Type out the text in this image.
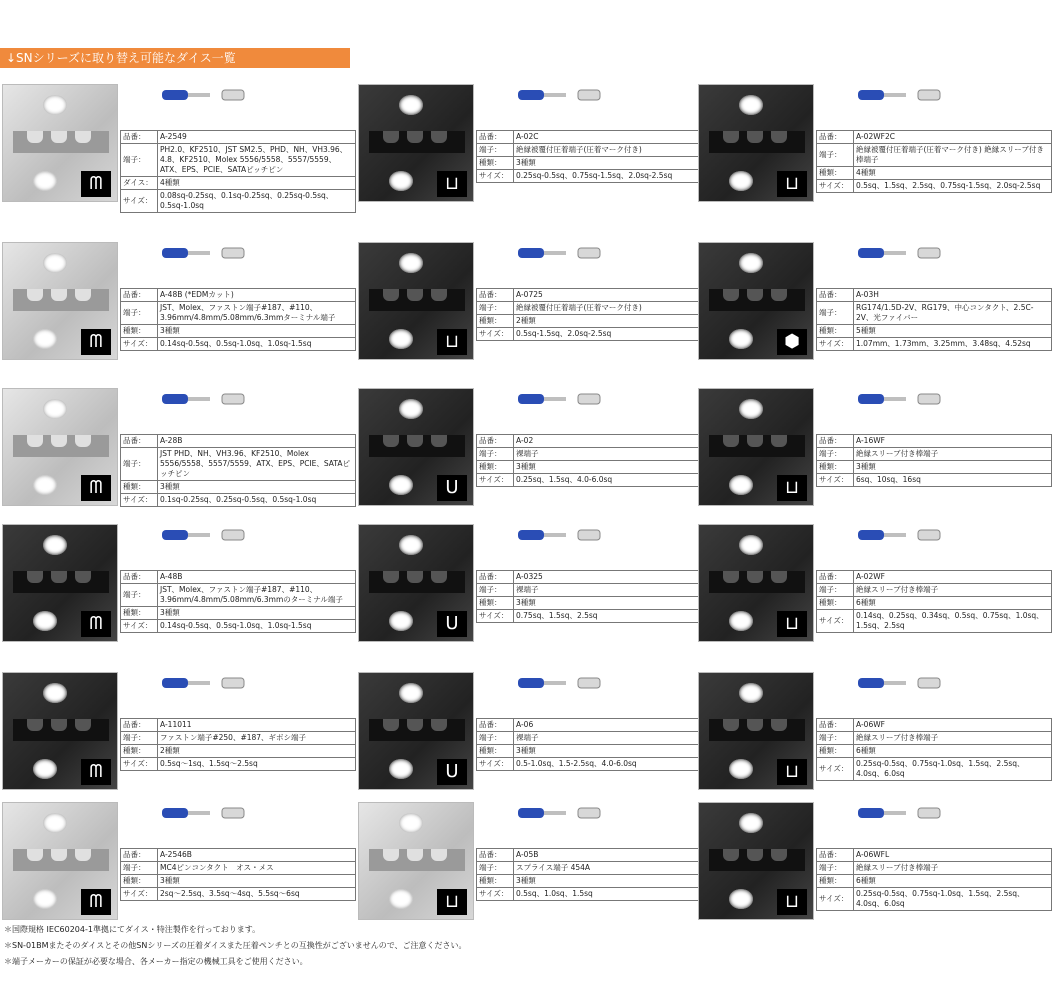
↓SNシリーズに取り替え可能なダイス一覧
ᗰ
品番：	A-2549
端子：	PH2.0、KF2510、JST SM2.5、PHD、NH、VH3.96、4.8、KF2510、Molex 5556/5558、5557/5559、ATX、EPS、PCIE、SATAピッチピン
ダイス：	4種類
サイズ：	0.08sq-0.25sq、0.1sq-0.25sq、0.25sq-0.5sq、0.5sq-1.0sq
⊔
品番：	A-02C
端子：	絶縁被覆付圧着端子(圧着マーク付き)
種類：	3種類
サイズ：	0.25sq-0.5sq、0.75sq-1.5sq、2.0sq-2.5sq	⊔
品番：	A-02WF2C
端子：	絶縁被覆付圧着端子(圧着マーク付き) 絶縁スリーブ付き棒端子
種類：	4種類
サイズ：	0.5sq、1.5sq、2.5sq、0.75sq-1.5sq、2.0sq-2.5sq
ᗰ
品番：	A-48B (*EDMカット)
端子：	JST、Molex、ファストン端子#187、#110、3.96mm/4.8mm/5.08mm/6.3mmターミナル端子
種類：	3種類
サイズ：	0.14sq-0.5sq、0.5sq-1.0sq、1.0sq-1.5sq	⊔
品番：	A-0725
端子：	絶縁被覆付圧着端子(圧着マーク付き)
種類：	2種類
サイズ：	0.5sq-1.5sq、2.0sq-2.5sq	⬢
品番：	A-03H
端子：	RG174/1.5D-2V、RG179、中心コンタクト、2.5C-2V、光ファイバー
種類：	5種類
サイズ：	1.07mm、1.73mm、3.25mm、3.48sq、4.52sq
ᗰ
品番：	A-28B
端子：	JST PHD、NH、VH3.96、KF2510、Molex 5556/5558、5557/5559、ATX、EPS、PCIE、SATAピッチピン
種類：	3種類
サイズ：	0.1sq-0.25sq、0.25sq-0.5sq、0.5sq-1.0sq
U
品番：	A-02
端子：	裸端子
種類：	3種類
サイズ：	0.25sq、1.5sq、4.0-6.0sq	⊔
品番：	A-16WF
端子：	絶縁スリーブ付き棒端子
種類：	3種類
サイズ：	6sq、10sq、16sq
ᗰ
品番：	A-48B
端子：	JST、Molex、ファストン端子#187、#110、3.96mm/4.8mm/5.08mm/6.3mmのターミナル端子
種類：	3種類
サイズ：	0.14sq-0.5sq、0.5sq-1.0sq、1.0sq-1.5sq	U
品番：	A-0325
端子：	裸端子
種類：	3種類
サイズ：	0.75sq、1.5sq、2.5sq	⊔
品番：	A-02WF
端子：	絶縁スリーブ付き棒端子
種類：	6種類
サイズ：	0.14sq、0.25sq、0.34sq、0.5sq、0.75sq、1.0sq、1.5sq、2.5sq
ᗰ
品番：	A-11011
端子：	ファストン端子#250、#187、ギボシ端子
種類：	2種類
サイズ：	0.5sq〜1sq、1.5sq〜2.5sq	U
品番：	A-06
端子：	裸端子
種類：	3種類
サイズ：	0.5-1.0sq、1.5-2.5sq、4.0-6.0sq	⊔
品番：	A-06WF
端子：	絶縁スリーブ付き棒端子
種類：	6種類
サイズ：	0.25sq-0.5sq、0.75sq-1.0sq、1.5sq、2.5sq、4.0sq、6.0sq
ᗰ
品番：	A-2546B
端子：	MC4ピンコンタクト　オス・メス
種類：	3種類
サイズ：	2sq〜2.5sq、3.5sq〜4sq、5.5sq〜6sq	⊔
品番：	A-05B
端子：	スプライス端子 454A
種類：	3種類
サイズ：	0.5sq、1.0sq、1.5sq	⊔
品番：	A-06WFL
端子：	絶縁スリーブ付き棒端子
種類：	6種類
サイズ：	0.25sq-0.5sq、0.75sq-1.0sq、1.5sq、2.5sq、4.0sq、6.0sq
＊国際規格 IEC60204-1準拠にてダイス・特注製作を行っております。
＊SN-01BMまたそのダイスとその他SNシリーズの圧着ダイスまた圧着ペンチとの互換性がございませんので、ご注意ください。
＊端子メーカーの保証が必要な場合、各メーカー指定の機械工具をご使用ください。
